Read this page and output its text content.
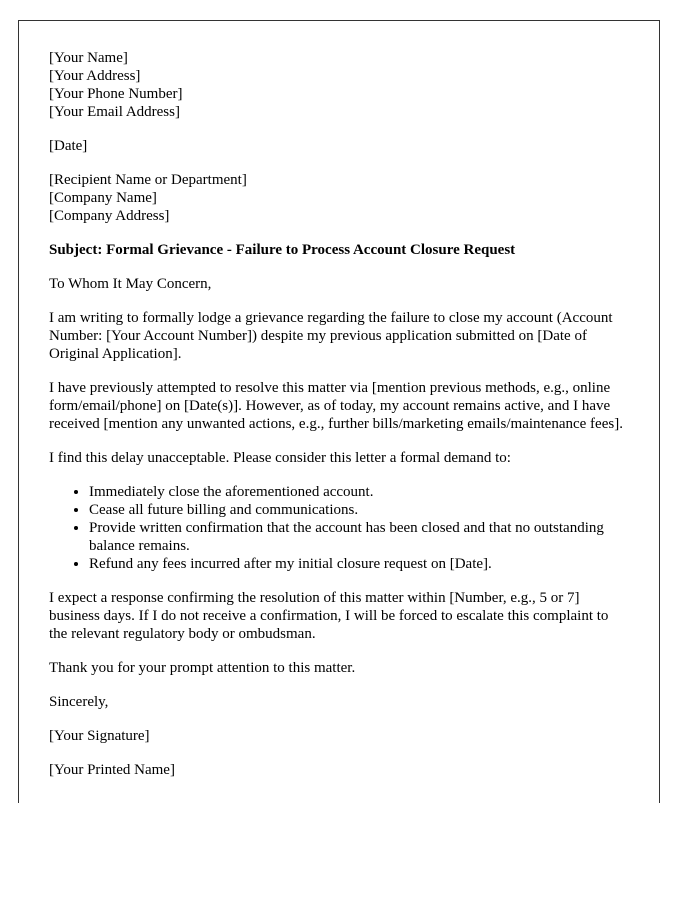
[Your Name]
[Your Address]
[Your Phone Number]
[Your Email Address]

[Date]

[Recipient Name or Department]
[Company Name]
[Company Address]

Subject: Formal Grievance - Failure to Process Account Closure Request

To Whom It May Concern,

I am writing to formally lodge a grievance regarding the failure to close my account (Account Number: [Your Account Number]) despite my previous application submitted on [Date of Original Application].

I have previously attempted to resolve this matter via [mention previous methods, e.g., online form/email/phone] on [Date(s)]. However, as of today, my account remains active, and I have received [mention any unwanted actions, e.g., further bills/marketing emails/maintenance fees].

I find this delay unacceptable. Please consider this letter a formal demand to:

• Immediately close the aforementioned account.
• Cease all future billing and communications.
• Provide written confirmation that the account has been closed and that no outstanding balance remains.
• Refund any fees incurred after my initial closure request on [Date].

I expect a response confirming the resolution of this matter within [Number, e.g., 5 or 7] business days. If I do not receive a confirmation, I will be forced to escalate this complaint to the relevant regulatory body or ombudsman.

Thank you for your prompt attention to this matter.

Sincerely,

[Your Signature]

[Your Printed Name]
